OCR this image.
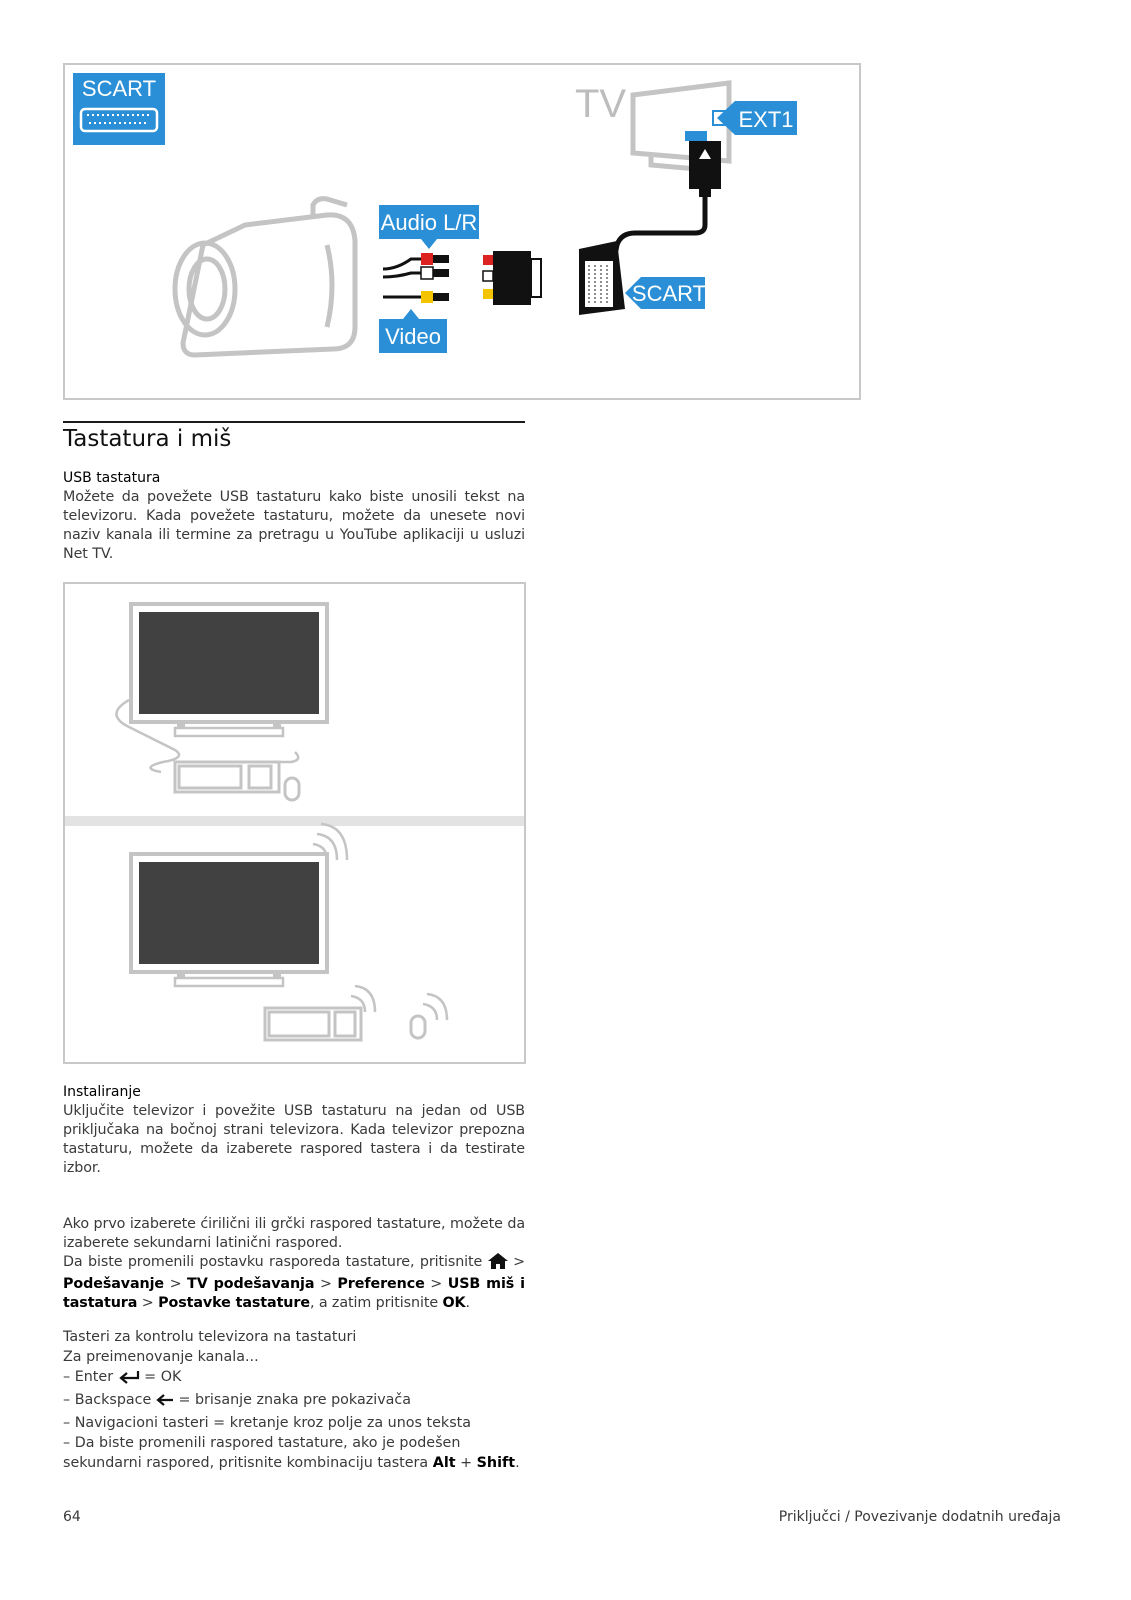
SCART	TV	EXT1
SCART
Audio L/R
Video
Tastatura i miš
USB tastatura
Možete da povežete USB tastaturu kako biste unosili tekst na televizoru. Kada povežete tastaturu, možete da unesete novi naziv kanala ili termine za pretragu u YouTube aplikaciji u usluzi Net TV.
Instaliranje
Uključite televizor i povežite USB tastaturu na jedan od USB priključaka na bočnoj strani televizora. Kada televizor prepozna tastaturu, možete da izaberete raspored tastera i da testirate izbor.
Ako prvo izaberete ćirilični ili grčki raspored tastature, možete da izaberete sekundarni latinični raspored.
Da biste promenili postavku rasporeda tastature, pritisnite > Podešavanje > TV podešavanja > Preference > USB miš i tastatura > Postavke tastature, a zatim pritisnite OK.
Tasteri za kontrolu televizora na tastaturi
Za preimenovanje kanala...
– Enter = OK
– Backspace = brisanje znaka pre pokazivača
– Navigacioni tasteri = kretanje kroz polje za unos teksta
– Da biste promenili raspored tastature, ako je podešen
sekundarni raspored, pritisnite kombinaciju tastera Alt + Shift.
64	Priključci / Povezivanje dodatnih uređaja
